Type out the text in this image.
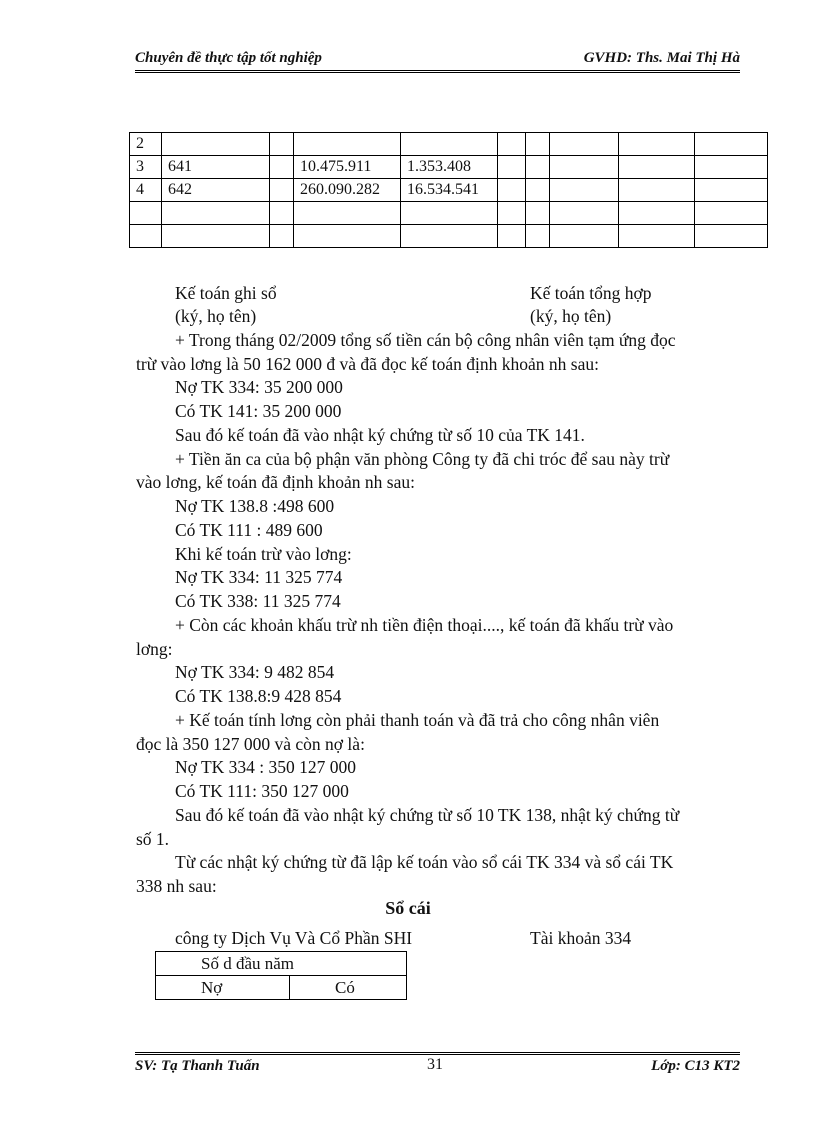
Chuyên đề thực tập tốt nghiệp	GVHD: Ths. Mai Thị Hà
2									
3	641		10.475.911	1.353.408					
4	642		260.090.282	16.534.541					

Kế toán ghi sổ	Kế toán tổng hợp
(ký, họ tên)	(ký, họ tên)
+ Trong tháng 02/2009 tổng số tiền cán bộ công nhân viên tạm ứng đọc
trừ vào lơng là 50 162 000 đ và đã đọc kế toán định khoản nh sau:
Nợ TK 334: 35 200 000
Có TK 141: 35 200 000
Sau đó kế toán đã vào nhật ký chứng từ số 10 của TK 141.
+ Tiền ăn ca của bộ phận văn phòng Công ty đã chi tróc để sau này trừ
vào lơng, kế toán đã định khoản nh sau:
Nợ TK 138.8 :498 600
Có TK 111 : 489 600
Khi kế toán trừ vào lơng:
Nợ TK 334: 11 325 774
Có TK 338: 11 325 774
+ Còn các khoản khấu trừ nh tiền điện thoại...., kế toán đã khấu trừ vào
lơng:
Nợ TK 334: 9 482 854
Có TK 138.8:9 428 854
+ Kế toán tính lơng còn phải thanh toán và đã trả cho công nhân viên
đọc là 350 127 000 và còn nợ là:
Nợ TK 334 : 350 127 000
Có TK 111: 350 127 000
Sau đó kế toán đã vào nhật ký chứng từ số 10 TK 138, nhật ký chứng từ
số 1.
Từ các nhật ký chứng từ đã lập kế toán vào sổ cái TK 334 và sổ cái TK
338 nh sau:
Sổ cái
công ty Dịch Vụ Và Cổ Phần SHI	Tài khoản 334
Số d đầu năm
Nợ	Có
SV: Tạ Thanh Tuấn	31	Lớp: C13 KT2
